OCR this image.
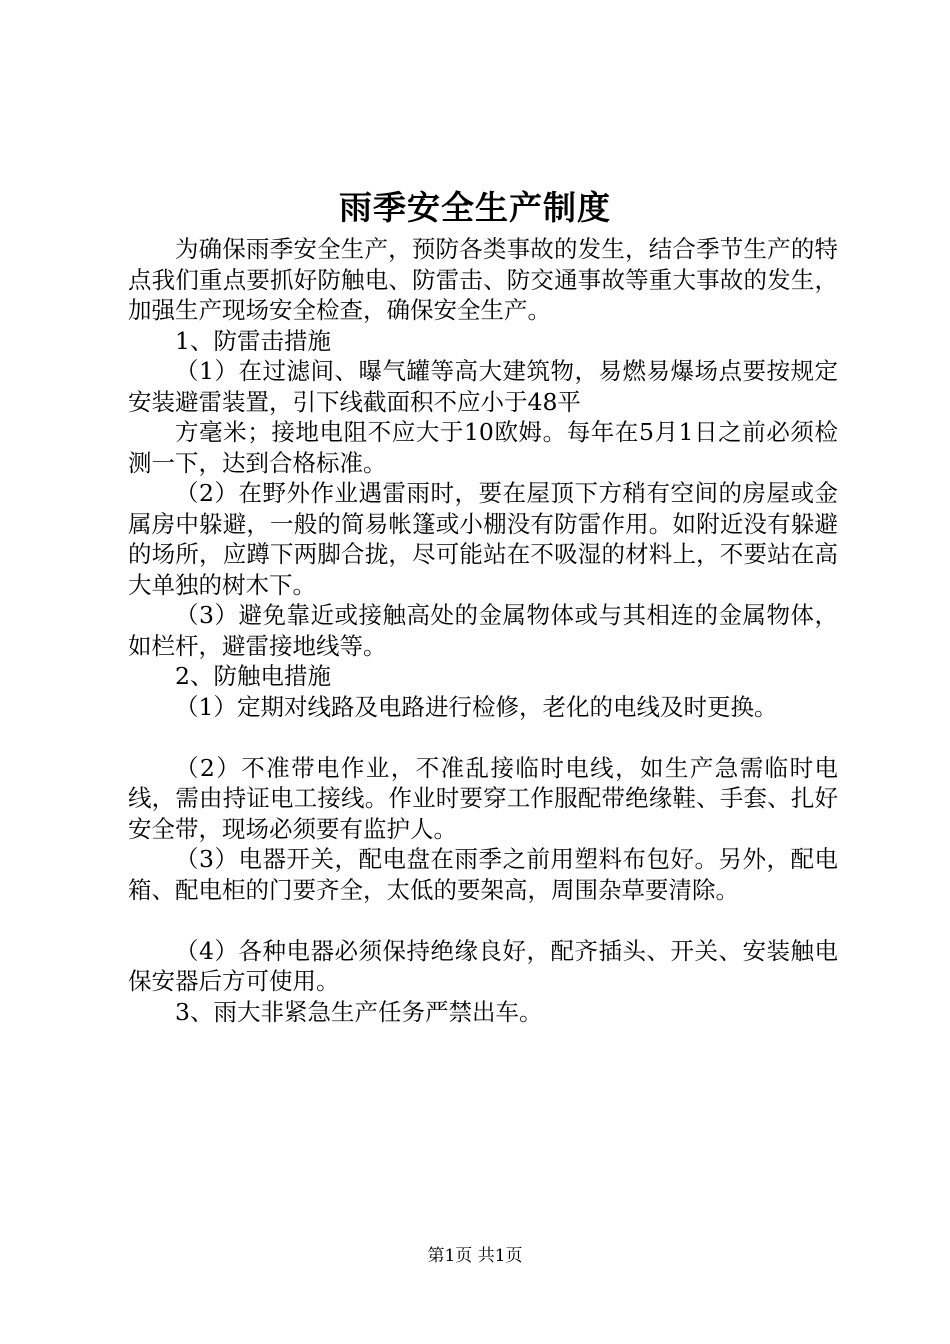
雨季安全生产制度

为确保雨季安全生产，预防各类事故的发生，结合季节生产的特点我们重点要抓好防触电、防雷击、防交通事故等重大事故的发生，加强生产现场安全检查，确保安全生产。

1、防雷击措施

（1）在过滤间、曝气罐等高大建筑物，易燃易爆场点要按规定安装避雷装置，引下线截面积不应小于48平

方毫米；接地电阻不应大于10欧姆。每年在5月1日之前必须检测一下，达到合格标准。

（2）在野外作业遇雷雨时，要在屋顶下方稍有空间的房屋或金属房中躲避，一般的简易帐篷或小棚没有防雷作用。如附近没有躲避的场所，应蹲下两脚合拢，尽可能站在不吸湿的材料上，不要站在高大单独的树木下。

（3）避免靠近或接触高处的金属物体或与其相连的金属物体，如栏杆，避雷接地线等。

2、防触电措施

（1）定期对线路及电路进行检修，老化的电线及时更换。

（2）不准带电作业，不准乱接临时电线，如生产急需临时电线，需由持证电工接线。作业时要穿工作服配带绝缘鞋、手套、扎好安全带，现场必须要有监护人。

（3）电器开关，配电盘在雨季之前用塑料布包好。另外，配电箱、配电柜的门要齐全，太低的要架高，周围杂草要清除。

（4）各种电器必须保持绝缘良好，配齐插头、开关、安装触电保安器后方可使用。

3、雨大非紧急生产任务严禁出车。

第1页 共1页
